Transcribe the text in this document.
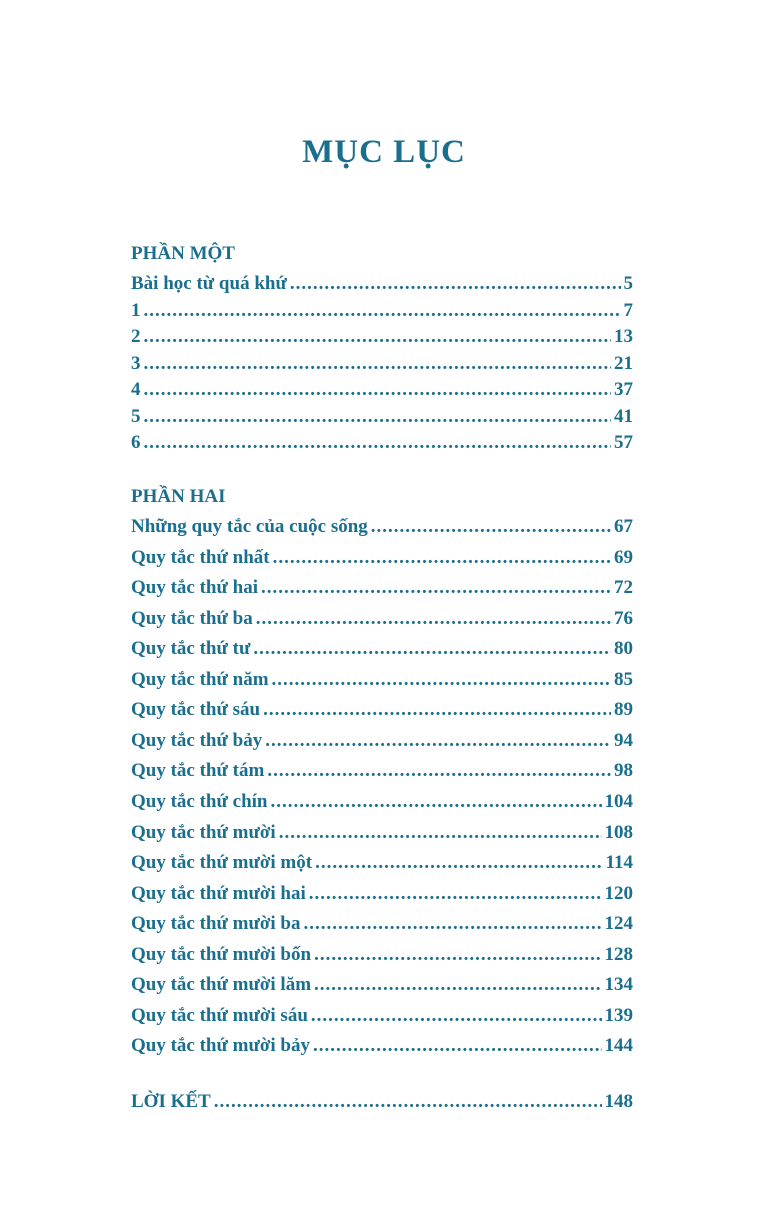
MỤC LỤC
PHẦN MỘT
Bài học từ quá khứ .....	5
1 .....	7
2 .....	13
3 .....	21
4 .....	37
5 .....	41
6 .....	57
PHẦN HAI
Những quy tắc của cuộc sống .....	67
Quy tắc thứ nhất .....	69
Quy tắc thứ hai .....	72
Quy tắc thứ ba .....	76
Quy tắc thứ tư .....	80
Quy tắc thứ năm .....	85
Quy tắc thứ sáu .....	89
Quy tắc thứ bảy .....	94
Quy tắc thứ tám .....	98
Quy tắc thứ chín .....	104
Quy tắc thứ mười .....	108
Quy tắc thứ mười một .....	114
Quy tắc thứ mười hai .....	120
Quy tắc thứ mười ba .....	124
Quy tắc thứ mười bốn .....	128
Quy tắc thứ mười lăm .....	134
Quy tắc thứ mười sáu .....	139
Quy tắc thứ mười bảy .....	144
LỜI KẾT .....	148
